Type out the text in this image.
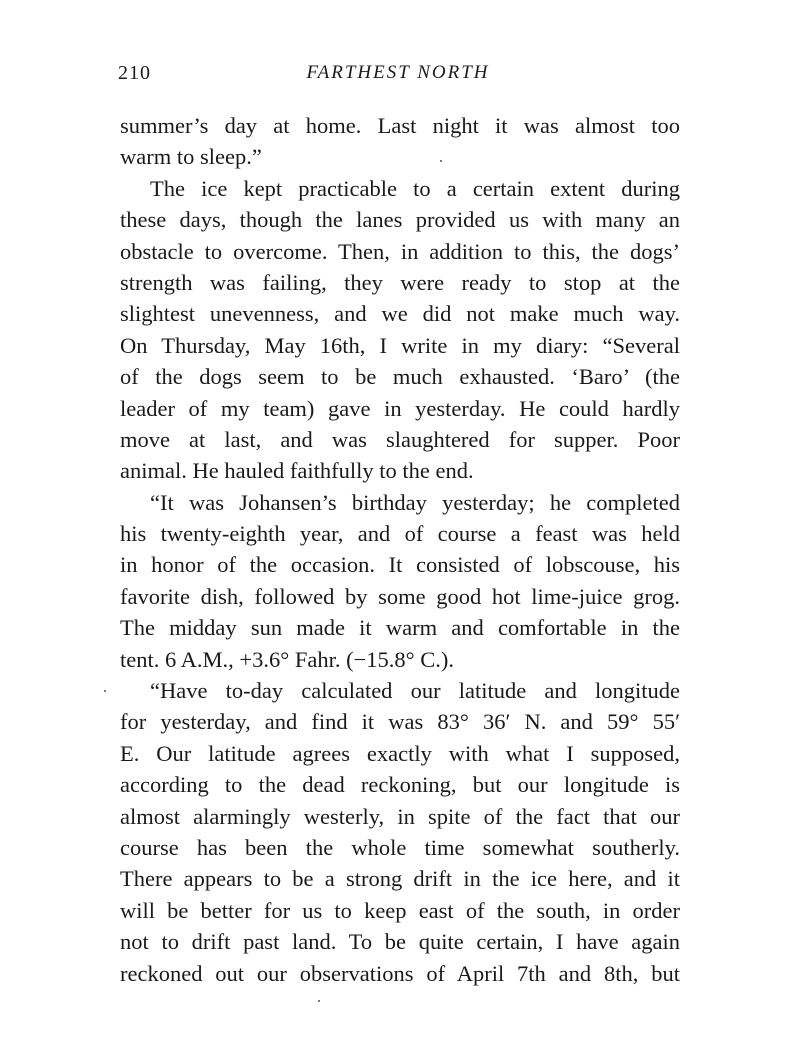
210	FARTHEST NORTH
summer’s day at home. Last night it was almost too
warm to sleep.”
The ice kept practicable to a certain extent during
these days, though the lanes provided us with many an
obstacle to overcome. Then, in addition to this, the dogs’
strength was failing, they were ready to stop at the
slightest unevenness, and we did not make much way.
On Thursday, May 16th, I write in my diary: “Several
of the dogs seem to be much exhausted. ‘Baro’ (the
leader of my team) gave in yesterday. He could hardly
move at last, and was slaughtered for supper. Poor
animal. He hauled faithfully to the end.
“It was Johansen’s birthday yesterday; he completed
his twenty-eighth year, and of course a feast was held
in honor of the occasion. It consisted of lobscouse, his
favorite dish, followed by some good hot lime-juice grog.
The midday sun made it warm and comfortable in the
tent. 6 A.M., +3.6° Fahr. (−15.8° C.).
“Have to-day calculated our latitude and longitude
for yesterday, and find it was 83° 36′ N. and 59° 55′
E. Our latitude agrees exactly with what I supposed,
according to the dead reckoning, but our longitude is
almost alarmingly westerly, in spite of the fact that our
course has been the whole time somewhat southerly.
There appears to be a strong drift in the ice here, and it
will be better for us to keep east of the south, in order
not to drift past land. To be quite certain, I have again
reckoned out our observations of April 7th and 8th, but
